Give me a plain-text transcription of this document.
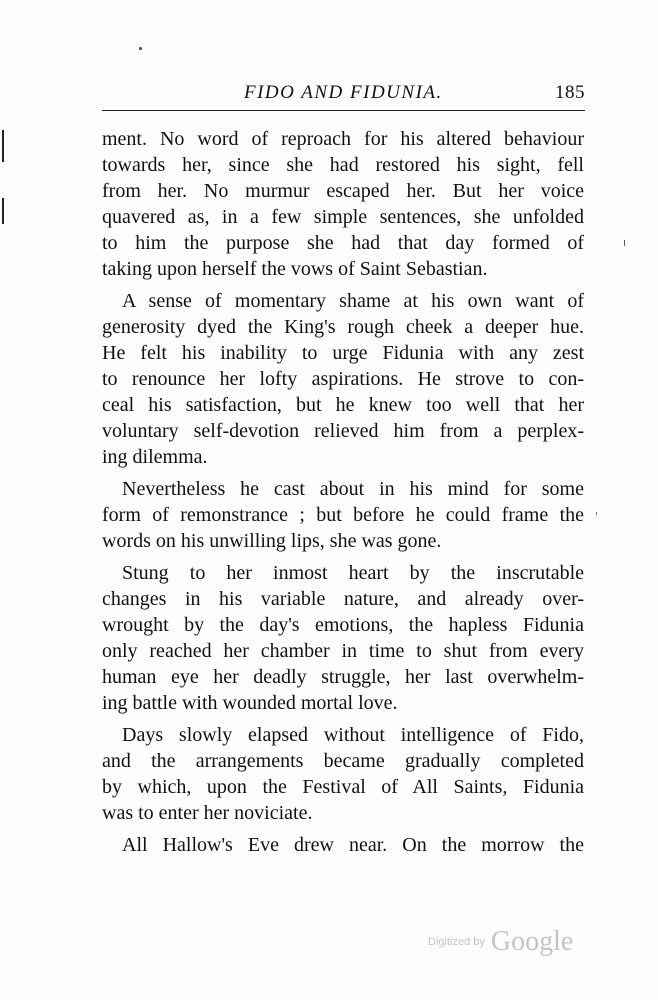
FIDO AND FIDUNIA.	185
ment. No word of reproach for his altered behaviour
towards her, since she had restored his sight, fell
from her. No murmur escaped her. But her voice
quavered as, in a few simple sentences, she unfolded
to him the purpose she had that day formed of
taking upon herself the vows of Saint Sebastian.
A sense of momentary shame at his own want of
generosity dyed the King's rough cheek a deeper hue.
He felt his inability to urge Fidunia with any zest
to renounce her lofty aspirations. He strove to con-
ceal his satisfaction, but he knew too well that her
voluntary self-devotion relieved him from a perplex-
ing dilemma.
Nevertheless he cast about in his mind for some
form of remonstrance ; but before he could frame the
words on his unwilling lips, she was gone.
Stung to her inmost heart by the inscrutable
changes in his variable nature, and already over-
wrought by the day's emotions, the hapless Fidunia
only reached her chamber in time to shut from every
human eye her deadly struggle, her last overwhelm-
ing battle with wounded mortal love.
Days slowly elapsed without intelligence of Fido,
and the arrangements became gradually completed
by which, upon the Festival of All Saints, Fidunia
was to enter her noviciate.
All Hallow's Eve drew near. On the morrow the
Digitized by Google
